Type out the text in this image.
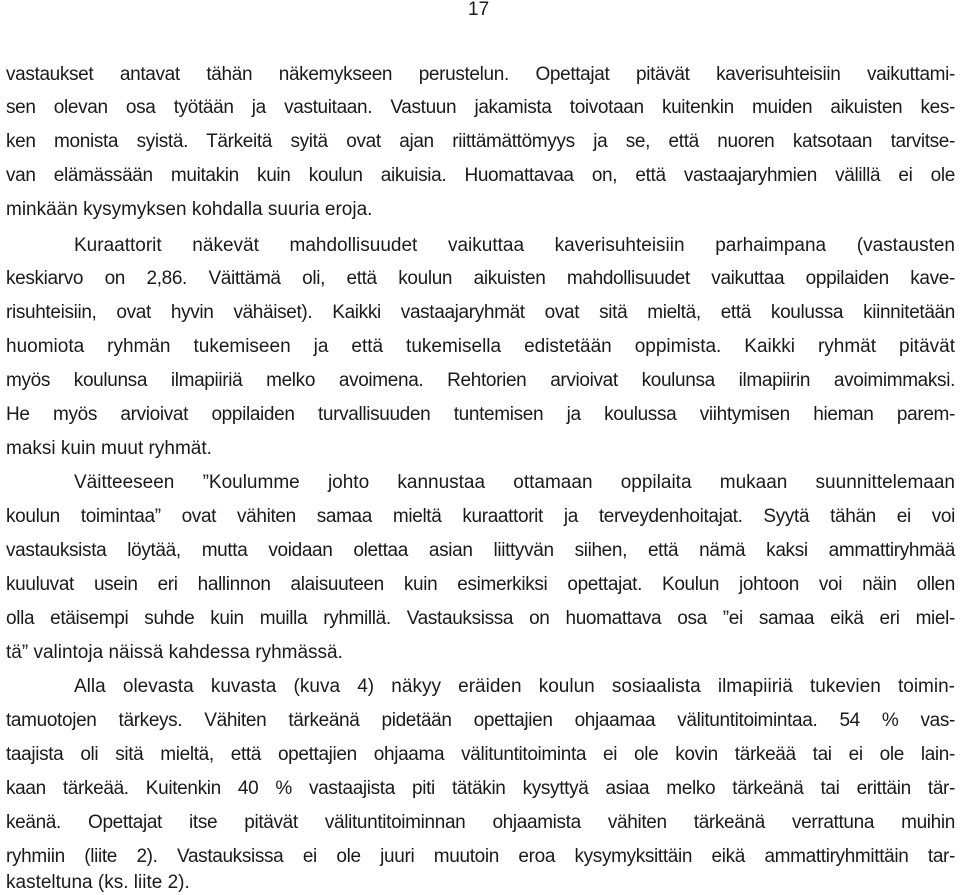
17
vastaukset antavat tähän näkemykseen perustelun. Opettajat pitävät kaverisuhteisiin vaikuttami-
sen olevan osa työtään ja vastuitaan. Vastuun jakamista toivotaan kuitenkin muiden aikuisten kes-
ken monista syistä. Tärkeitä syitä ovat ajan riittämättömyys ja se, että nuoren katsotaan tarvitse-
van elämässään muitakin kuin koulun aikuisia. Huomattavaa on, että vastaajaryhmien välillä ei ole
minkään kysymyksen kohdalla suuria eroja.
Kuraattorit näkevät mahdollisuudet vaikuttaa kaverisuhteisiin parhaimpana (vastausten
keskiarvo on 2,86. Väittämä oli, että koulun aikuisten mahdollisuudet vaikuttaa oppilaiden kave-
risuhteisiin, ovat hyvin vähäiset). Kaikki vastaajaryhmät ovat sitä mieltä, että koulussa kiinnitetään
huomiota ryhmän tukemiseen ja että tukemisella edistetään oppimista. Kaikki ryhmät pitävät
myös koulunsa ilmapiiriä melko avoimena. Rehtorien arvioivat koulunsa ilmapiirin avoimimmaksi.
He myös arvioivat oppilaiden turvallisuuden tuntemisen ja koulussa viihtymisen hieman parem-
maksi kuin muut ryhmät.
Väitteeseen ”Koulumme johto kannustaa ottamaan oppilaita mukaan suunnittelemaan
koulun toimintaa” ovat vähiten samaa mieltä kuraattorit ja terveydenhoitajat. Syytä tähän ei voi
vastauksista löytää, mutta voidaan olettaa asian liittyvän siihen, että nämä kaksi ammattiryhmää
kuuluvat usein eri hallinnon alaisuuteen kuin esimerkiksi opettajat. Koulun johtoon voi näin ollen
olla etäisempi suhde kuin muilla ryhmillä. Vastauksissa on huomattava osa ”ei samaa eikä eri miel-
tä” valintoja näissä kahdessa ryhmässä.
Alla olevasta kuvasta (kuva 4) näkyy eräiden koulun sosiaalista ilmapiiriä tukevien toimin-
tamuotojen tärkeys. Vähiten tärkeänä pidetään opettajien ohjaamaa välituntitoimintaa. 54 % vas-
taajista oli sitä mieltä, että opettajien ohjaama välituntitoiminta ei ole kovin tärkeää tai ei ole lain-
kaan tärkeää. Kuitenkin 40 % vastaajista piti tätäkin kysyttyä asiaa melko tärkeänä tai erittäin tär-
keänä. Opettajat itse pitävät välituntitoiminnan ohjaamista vähiten tärkeänä verrattuna muihin
ryhmiin (liite 2). Vastauksissa ei ole juuri muutoin eroa kysymyksittäin eikä ammattiryhmittäin tar-
kasteltuna (ks. liite 2).
